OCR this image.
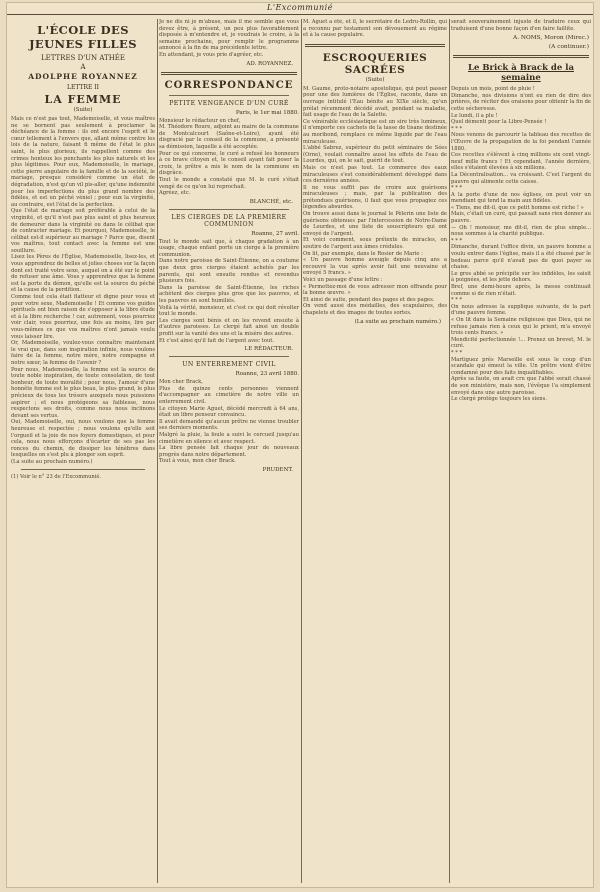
L'Excommunié
L'ÉCOLE DES JEUNES FILLES
LETTRES D'UN ATHÉE
A
ADOLPHE ROYANNEZ
LETTRE II
LA FEMME
(Suite)
Mais ce n'est pas tout, Mademoiselle, et vous maîtres ne se bornent pas seulement à proclamer la déchéance de la femme : ils ont encore l'esprit et le cœur tellement à l'envers que, allant même contre les lois de la nature, faisant fi même de l'état le plus saint, le plus glorieux, ils rappellent comme des crimes honteux les penchants les plus naturels et les plus légitimes. Pour eux, Mademoiselle, le mariage, cette pierre angulaire de la famille et de la société, le mariage, presque considéré comme un état de dégradation, n'est qu'un vil pis-aller, qu'une indemnité pour les imperfections du plus grand nombre des fidèles, et est un péché véniel ; pour eux la virginité, au contraire, est l'état de la perfection.
Que l'état de mariage soit préférable à celui de la virginité, et qu'il n'est pas plus saint et plus heureux de demeurer dans la virginité ou dans le célibat que de contracter mariage. Et pourquoi, Mademoiselle, le célibat est-il supérieur au mariage ? Parce que, disent vos maîtres, tout contact avec la femme est une souillure.
Lisez les Pères de l'Église, Mademoiselle, lisez-les, et vous apprendrez de belles et jolies choses sur la façon dont est traité votre sexe, auquel on a été sur le point de refuser une âme. Vous y apprendrez que la femme est la porte du démon, qu'elle est la source du péché et la cause de la perdition.
Comme tout cela était flatteur et digne pour vous et pour votre sexe, Mademoiselle ! Et comme vos guides spirituels ont bien raison de s'opposer à la libre étude et à la libre recherche ! car, autrement, vous pourriez voir clair, vous pourriez, une fois au moins, lire par vous-mêmes ce que vos maîtres n'ont jamais voulu vous laisser lire.
Or, Mademoiselle, voulez-vous connaître maintenant le vrai que, dans son inspiration infinie, nous voulons faire de la femme, notre mère, notre compagne et notre sœur, la femme de l'avenir ?
Pour nous, Mademoiselle, la femme est la source de toute noble inspiration, de toute consolation, de tout bonheur, de toute moralité ; pour nous, l'amour d'une honnête femme est le plus beau, le plus grand, le plus précieux de tous les trésors auxquels nous puissions aspirer ; et nous protégeons sa faiblesse, nous respectons ses droits, comme nous nous inclinons devant ses vertus.
Oui, Mademoiselle, oui, nous voulons que la femme heureuse et respectée ; nous voulons qu'elle soit l'orgueil et la joie de nos foyers domestiques, et pour cela, nous nous efforçons d'écarter de ses pas les ronces du chemin, de dissiper les ténèbres dans lesquelles on s'est plu à plonger son esprit.
(La suite au prochain numéro.)
(1) Voir le n° 23 de l'Excommunié.
Je ne dis ni je m'abuse, mais il me semble que vous devez être, à présent, un peu plus favorablement disposée à m'entendre et, je voudrais le croire, à la semaine prochaine, pour remplir le programme annoncé à la fin de ma précédente lettre.
En attendant, je vous prie d'agréer, etc.
AD. ROYANNEZ.
CORRESPONDANCE
PETITE VENGEANCE D'UN CURÉ
Paris, le 1er mai 1880.
Monsieur le rédacteur en chef,
M. Théodore Roure, adjoint au maire de la commune de Montcalcourt (Saône-et-Loire), ayant été disgracié par le conseil de la commune, a présenté sa démission, laquelle a été acceptée.
Pour ce qui concerne, le curé a refusé les honneurs à ce brave citoyen et, le conseil ayant fait poser la croix, le prêtre a mis le nom de la commune en disgrâce.
Tout le monde a constaté que M. le curé s'était vengé de ce qu'on lui reprochait.
Agréez, etc.
BLANCHÉ, etc.
LES CIERGES DE LA PREMIÈRE COMMUNION
Roanne, 27 avril.
Tout le monde sait que, à chaque gradation à un usage, chaque enfant porte un cierge à la première communion.
Dans notre paroisse de Saint-Étienne, on a coutume que deux gros cierges étaient achetés par les parents, qui sont ensuite rendus et revendus plusieurs fois.
Dans la paroisse de Saint-Étienne, les riches achètent des cierges plus gros que les pauvres, et les pauvres en sont humiliés.
Voilà la vérité, monsieur, et c'est ce qui doit révolter tout le monde.
Les cierges sont bénis et on les revend ensuite à d'autres paroisses. Le clergé fait ainsi un double profit sur la vanité des uns et la misère des autres.
Et c'est ainsi qu'il fait de l'argent avec tout.
LE RÉDACTEUR.
UN ENTERREMENT CIVIL
Roanne, 23 avril 1880.
Mon cher Brack,
Plus de quinze cents personnes viennent d'accompagner au cimetière de notre ville un enterrement civil.
Le citoyen Marie Aguet, décédé mercredi à 64 ans, était un libre penseur convaincu.
Il avait demandé qu'aucun prêtre ne vienne troubler ses derniers moments.
Malgré la pluie, la foule a suivi le cercueil jusqu'au cimetière en silence et avec respect.
La libre pensée fait chaque jour de nouveaux progrès dans notre département.
Tout à vous, mon cher Brack.
PRUDENT.
M. Aguet a été, et il, le secrétaire de Ledru-Rollin, qui a reconnu par testament son dévouement au régime et à la cause populaire.
ESCROQUERIES SACRÉES
(Suite)
M. Gaume, proto-notaire apostolique, qui peut passer pour une des lumières de l'Église, raconte, dans un ouvrage intitulé l'Eau bénite au XIXe siècle, qu'un prélat récemment décédé avait, pendant sa maladie, fait usage de l'eau de la Salette.
Ce vénérable ecclésiastique est un sire très lumineux, il n'emporte ces cachets de la tasse de tisane destinée au moribond, remplace ce même liquide par de l'eau miraculeuse.
L'abbé Sabrez, supérieur du petit séminaire de Sées (Orne), voulait connaître aussi les effets de l'eau de Lourdes, qui, on le sait, guérit de tout.
Mais ce n'est pas tout. Le commerce des eaux miraculeuses s'est considérablement développé dans ces dernières années.
Il ne vous suffit pas de croire aux guérisons miraculeuses ; mais, par la publication des prétendues guérisons, il faut que vous propagiez ces légendes absurdes.
On trouve aussi dans le journal le Pèlerin une liste de guérisons obtenues par l'intercession de Notre-Dame de Lourdes, et une liste de souscripteurs qui ont envoyé de l'argent.
Et voici comment, sous prétexte de miracles, on soutire de l'argent aux âmes crédules.
On lit, par exemple, dans le Rosier de Marie :
« Un pauvre homme aveugle depuis cinq ans a recouvré la vue après avoir fait une neuvaine et envoyé 5 francs. »
Voici un passage d'une lettre :
« Permettez-moi de vous adresser mon offrande pour la bonne œuvre. »
Et ainsi de suite, pendant des pages et des pages.
On vend aussi des médailles, des scapulaires, des chapelets et des images de toutes sortes.
(La suite au prochain numéro.)
serait souverainement injuste de traduire ceux qui traduisent d'une bonne façon d'en faire faillite.
A. NOMS, Moron (Mirec.)
(A continuer.)
Le Brick à Brack de la semaine
Depuis un mois, point de pluie !
Dimanche, nos divisions n'ont eu rien de dire des prières, de réciter des oraisons pour obtenir la fin de cette sécheresse.
Le lundi, il a plu !
Quel démenti pour la Libre-Pensée !
* * *
Nous venons de parcourir la tableau des recettes de l'Œuvre de la propagation de la foi pendant l'année 1880.
Ces recettes s'élèvent à cinq millions six cent vingt-neuf mille francs ! Et cependant, l'année dernière, elles s'étaient élevées à six millions.
La Décentralisation... va croissant. C'est l'argent du pauvre qui alimente cette caisse.
* * *
A la porte d'une de nos églises, on peut voir un mendiant qui tend la main aux fidèles.
« Tiens, me dit-il, que ce petit homme est riche ! »
Mais, c'était un curé, qui passait sans rien donner au pauvre.
— Oh ! monsieur, me dit-il, rien de plus simple... nous sommes à la charité publique.
* * *
Dimanche, durant l'office divin, un pauvre homme a voulu entrer dans l'église, mais il a été chassé par le bedeau parce qu'il n'avait pas de quoi payer sa chaise.
Le gros abbé se précipite sur les infidèles, les saisit à poignées, et les jette dehors.
Bref, une demi-heure après, la messe continuait comme si de rien n'était.
* * *
On nous adresse la supplique suivante, de la part d'une pauvre femme.
« On lit dans la Semaine religieuse que Dieu, qui ne refuse jamais rien à ceux qui le prient, m'a envoyé trois cents francs. »
Mendicité perfectionnée !... Prenez un brevet, M. le curé.
* * *
Martiguez près Marseille est sous le coup d'un scandale qui émeut la ville. Un prêtre vient d'être condamné pour des faits inqualifiables.
Après sa faute, on avait cru que l'abbé serait chassé de son ministère, mais non, l'évêque l'a simplement envoyé dans une autre paroisse.
Le clergé protège toujours les siens.
